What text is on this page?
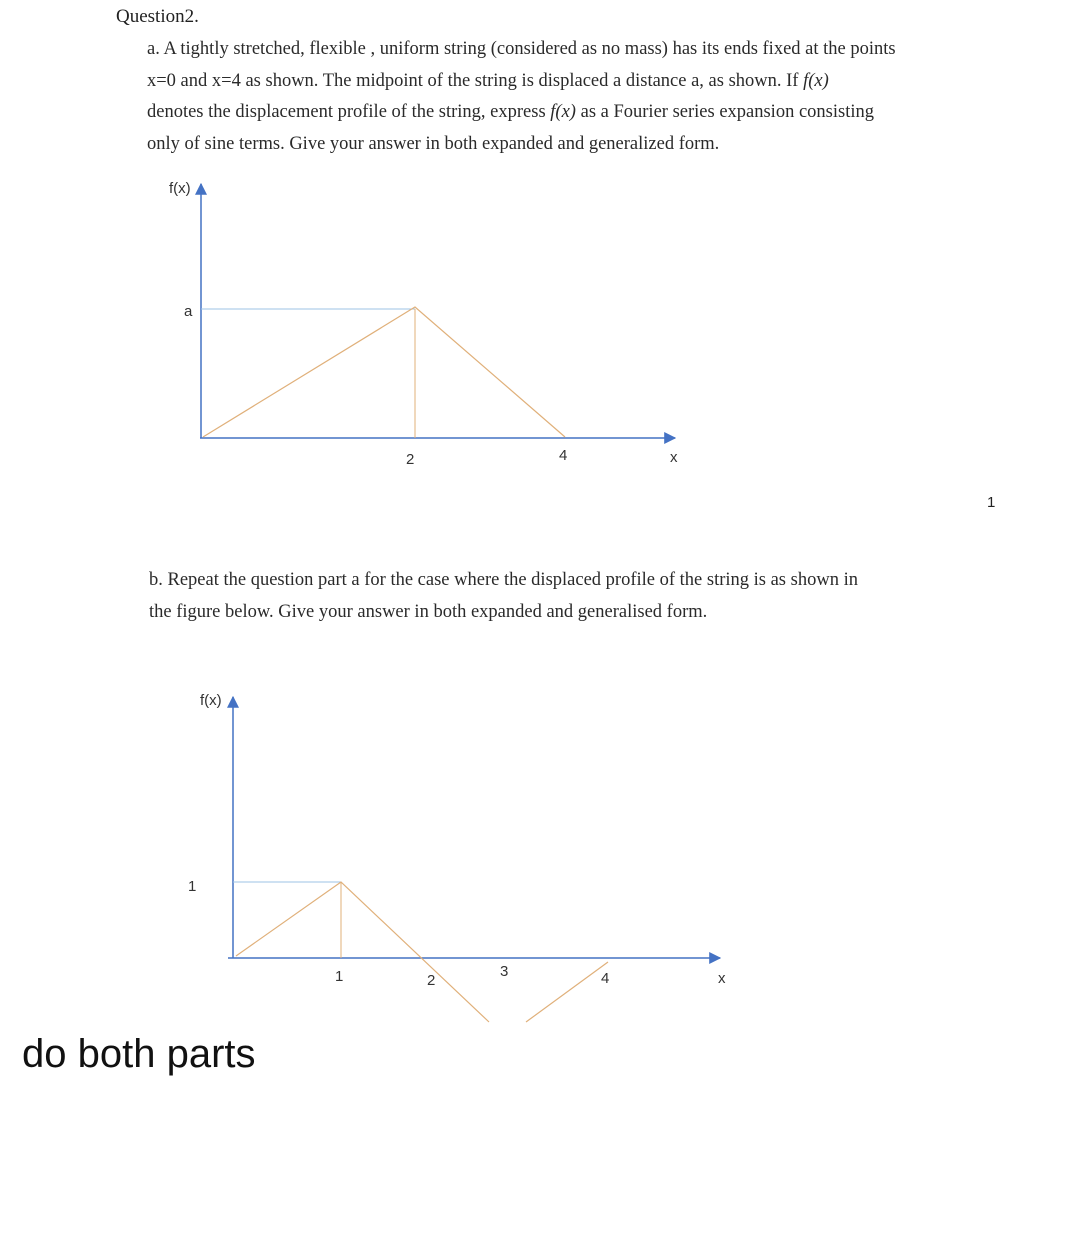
Question2.
a. A tightly stretched, flexible , uniform string (considered as no mass) has its ends fixed at the points
x=0 and x=4 as shown. The midpoint of the string is displaced a distance a, as shown. If f(x)
denotes the displacement profile of the string, express f(x) as a Fourier series expansion consisting
only of sine terms. Give your answer in both expanded and generalized form.
1
b. Repeat the question part a for the case where the displaced profile of the string is as shown in
the figure below. Give your answer in both expanded and generalised form.
f(x)
a
2	4	x
f(x)
1
1	2
3	4	x
do both parts
